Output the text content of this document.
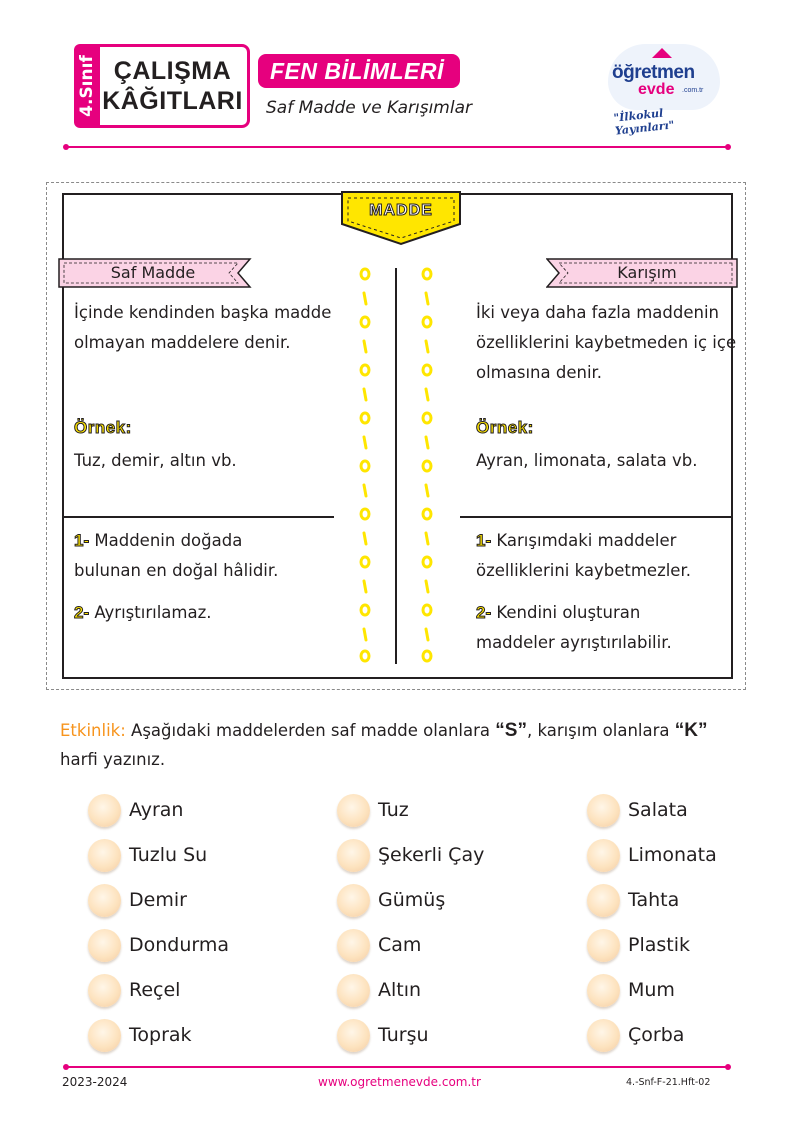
4.Sınıf ÇALIŞMA
KÂĞITLARI
FEN BİLİMLERİ
Saf Madde ve Karışımlar
öğretmen
evde .com.tr
"İlkokul Yayınları"
MADDE
Saf Madde	Karışım
İçinde kendinden başka madde
olmayan maddelere denir.
Örnek:
Tuz, demir, altın vb.
1- Maddenin doğada
bulunan en doğal hâlidir.
2- Ayrıştırılamaz.
İki veya daha fazla maddenin
özelliklerini kaybetmeden iç içe
olmasına denir.
Örnek:
Ayran, limonata, salata vb.
1- Karışımdaki maddeler
özelliklerini kaybetmezler.
2- Kendini oluşturan
maddeler ayrıştırılabilir.
Etkinlik: Aşağıdaki maddelerden saf madde olanlara “S”, karışım olanlara “K”
harfi yazınız.
Ayran
Tuzlu Su
Demir
Dondurma
Reçel
Toprak
Tuz
Şekerli Çay
Gümüş
Cam
Altın
Turşu
Salata
Limonata
Tahta
Plastik
Mum
Çorba
2023-2024	www.ogretmenevde.com.tr	4.-Snf-F-21.Hft-02
